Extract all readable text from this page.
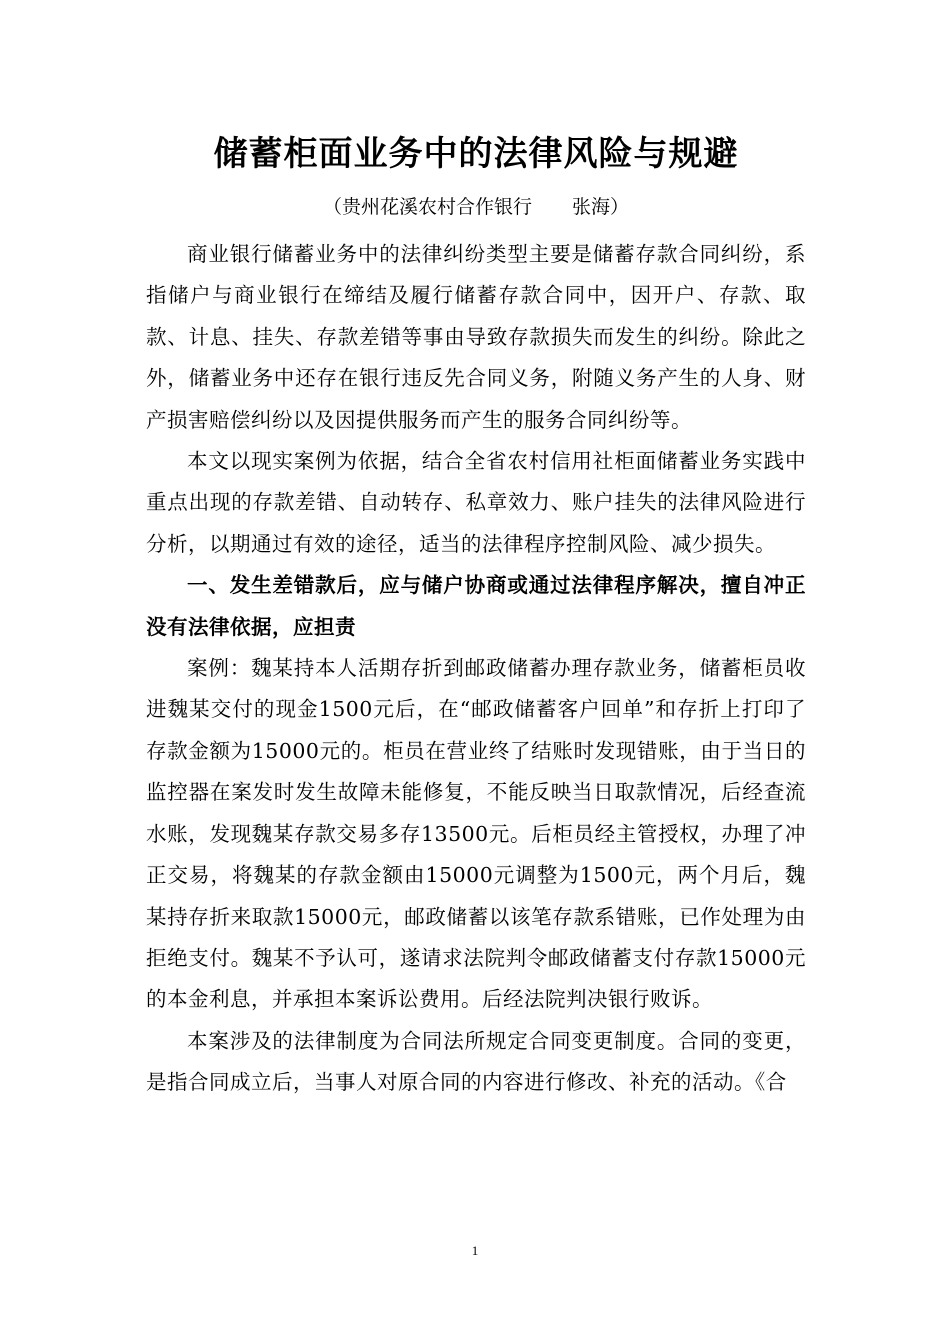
储蓄柜面业务中的法律风险与规避

（贵州花溪农村合作银行 张海）

商业银行储蓄业务中的法律纠纷类型主要是储蓄存款合同纠纷，系指储户与商业银行在缔结及履行储蓄存款合同中，因开户、存款、取款、计息、挂失、存款差错等事由导致存款损失而发生的纠纷。除此之外，储蓄业务中还存在银行违反先合同义务，附随义务产生的人身、财产损害赔偿纠纷以及因提供服务而产生的服务合同纠纷等。

本文以现实案例为依据，结合全省农村信用社柜面储蓄业务实践中重点出现的存款差错、自动转存、私章效力、账户挂失的法律风险进行分析，以期通过有效的途径，适当的法律程序控制风险、减少损失。

一、发生差错款后，应与储户协商或通过法律程序解决，擅自冲正没有法律依据，应担责

案例：魏某持本人活期存折到邮政储蓄办理存款业务，储蓄柜员收进魏某交付的现金1500元后，在“邮政储蓄客户回单”和存折上打印了存款金额为15000元的。柜员在营业终了结账时发现错账，由于当日的监控器在案发时发生故障未能修复，不能反映当日取款情况，后经查流水账，发现魏某存款交易多存13500元。后柜员经主管授权，办理了冲正交易，将魏某的存款金额由15000元调整为1500元，两个月后，魏某持存折来取款15000元，邮政储蓄以该笔存款系错账，已作处理为由拒绝支付。魏某不予认可，遂请求法院判令邮政储蓄支付存款15000元的本金利息，并承担本案诉讼费用。后经法院判决银行败诉。

本案涉及的法律制度为合同法所规定合同变更制度。合同的变更，是指合同成立后，当事人对原合同的内容进行修改、补充的活动。《合

1
